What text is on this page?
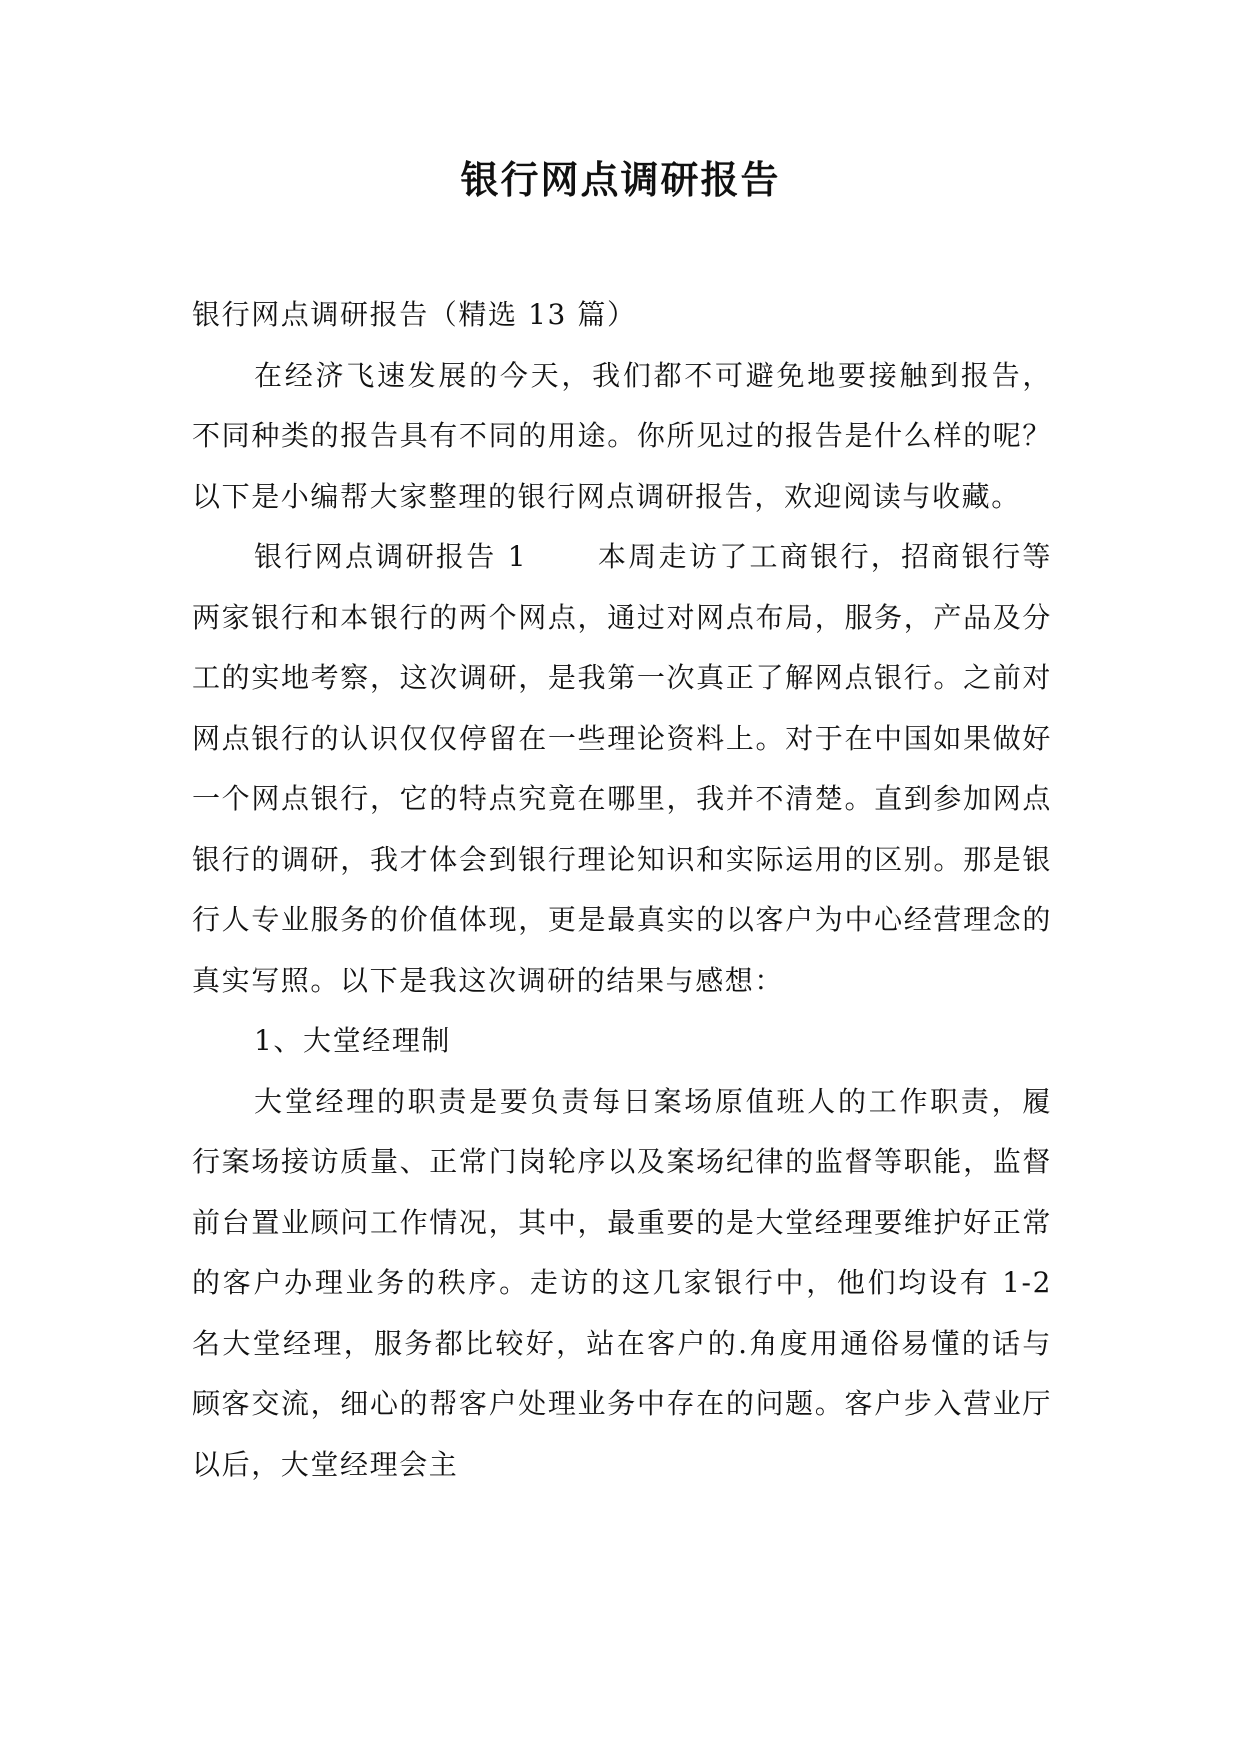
银行网点调研报告

银行网点调研报告（精选 13 篇）

在经济飞速发展的今天，我们都不可避免地要接触到报告，不同种类的报告具有不同的用途。你所见过的报告是什么样的呢？以下是小编帮大家整理的银行网点调研报告，欢迎阅读与收藏。

银行网点调研报告 1	本周走访了工商银行，招商银行等两家银行和本银行的两个网点，通过对网点布局，服务，产品及分工的实地考察，这次调研，是我第一次真正了解网点银行。之前对网点银行的认识仅仅停留在一些理论资料上。对于在中国如果做好一个网点银行，它的特点究竟在哪里，我并不清楚。直到参加网点银行的调研，我才体会到银行理论知识和实际运用的区别。那是银行人专业服务的价值体现，更是最真实的以客户为中心经营理念的真实写照。以下是我这次调研的结果与感想：

1、大堂经理制

大堂经理的职责是要负责每日案场原值班人的工作职责，履行案场接访质量、正常门岗轮序以及案场纪律的监督等职能，监督前台置业顾问工作情况，其中，最重要的是大堂经理要维护好正常的客户办理业务的秩序。走访的这几家银行中，他们均设有 1-2 名大堂经理，服务都比较好，站在客户的.角度用通俗易懂的话与顾客交流，细心的帮客户处理业务中存在的问题。客户步入营业厅以后，大堂经理会主
